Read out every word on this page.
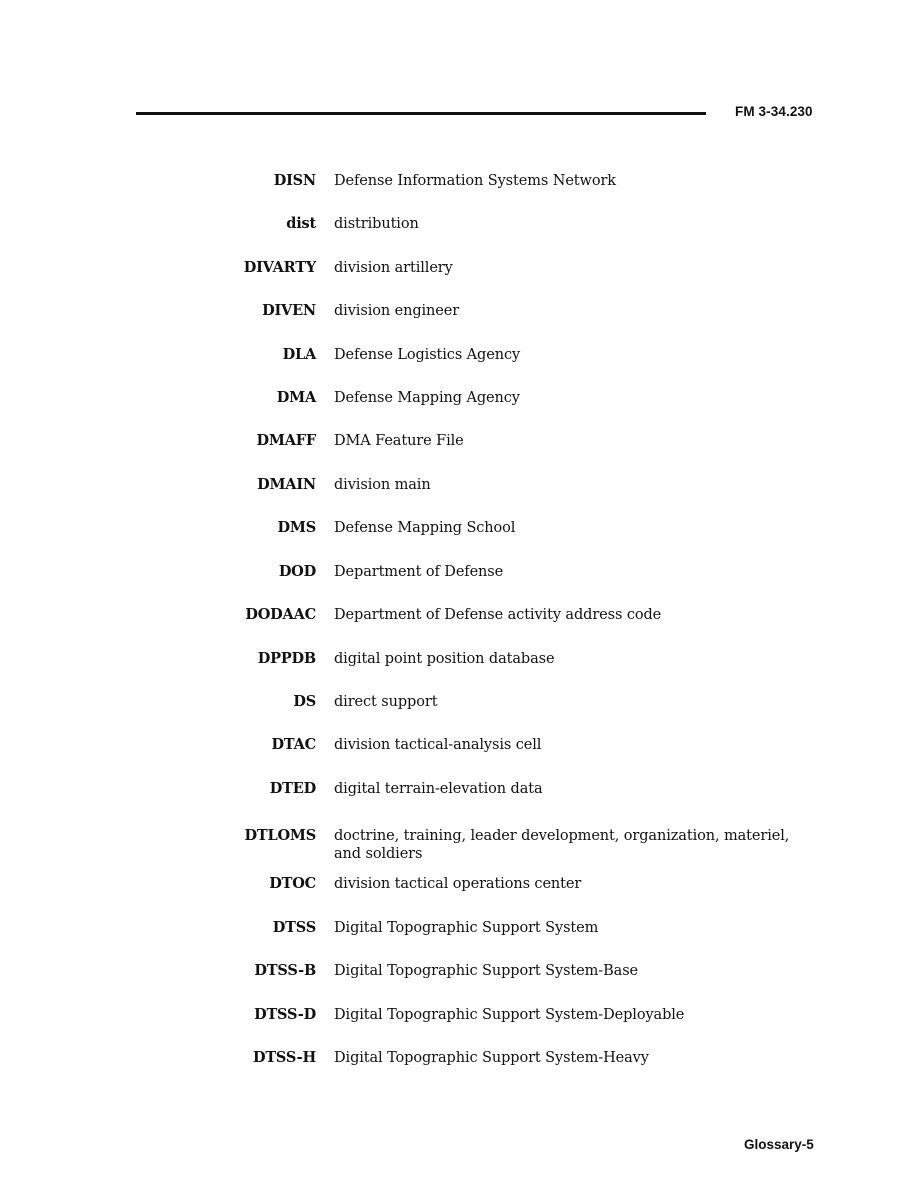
FM 3-34.230
DISN Defense Information Systems Network
dist distribution
DIVARTY division artillery
DIVEN division engineer
DLA Defense Logistics Agency
DMA Defense Mapping Agency
DMAFF DMA Feature File
DMAIN division main
DMS Defense Mapping School
DOD Department of Defense
DODAAC Department of Defense activity address code
DPPDB digital point position database
DS direct support
DTAC division tactical-analysis cell
DTED digital terrain-elevation data
DTLOMS doctrine, training, leader development, organization, materiel, and soldiers
DTOC division tactical operations center
DTSS Digital Topographic Support System
DTSS-B Digital Topographic Support System-Base
DTSS-D Digital Topographic Support System-Deployable
DTSS-H Digital Topographic Support System-Heavy
Glossary-5
